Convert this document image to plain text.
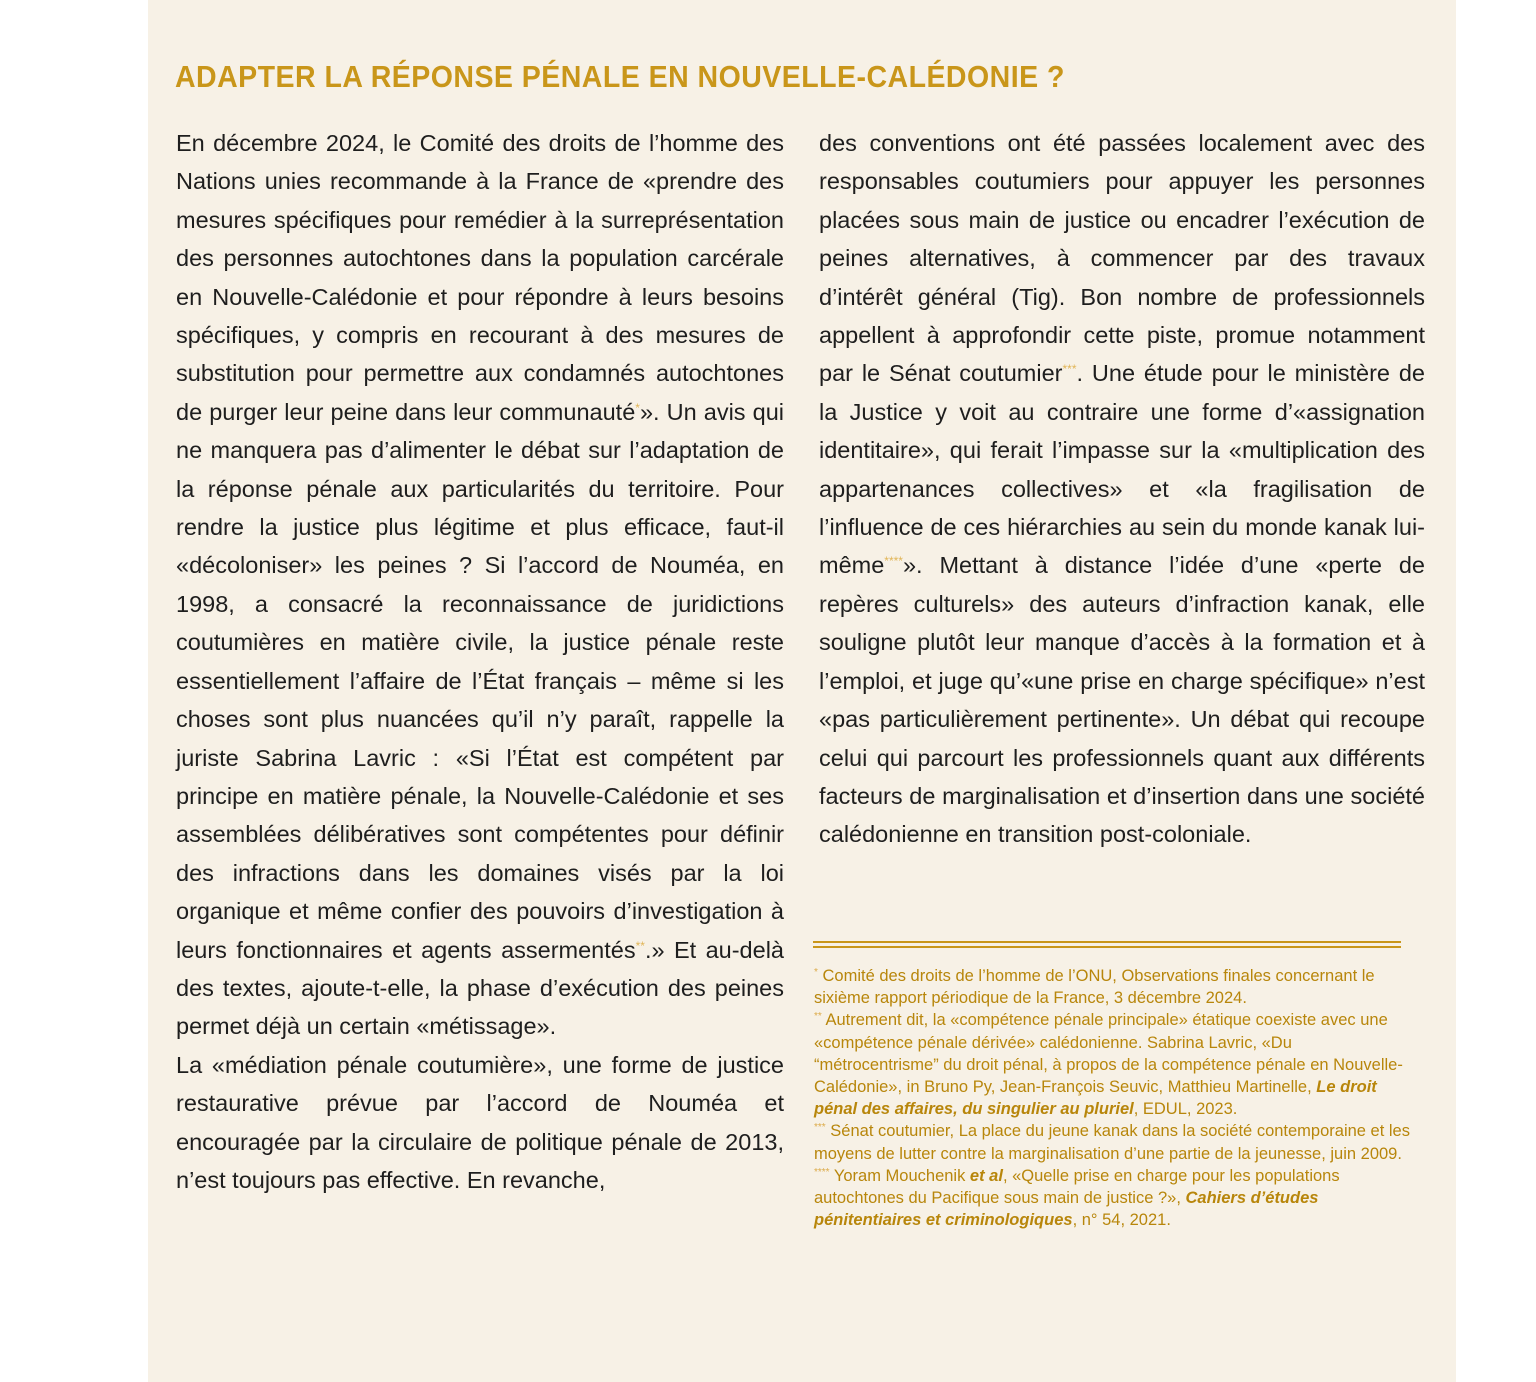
ADAPTER LA RÉPONSE PÉNALE EN NOUVELLE-CALÉDONIE ?

En décembre 2024, le Comité des droits de l’homme des Nations unies recommande à la France de «prendre des mesures spécifiques pour remédier à la surreprésentation des personnes autochtones dans la population carcérale en Nouvelle-Calédonie et pour répondre à leurs besoins spécifiques, y compris en recourant à des mesures de substitution pour permettre aux condamnés autochtones de purger leur peine dans leur communauté*». Un avis qui ne manquera pas d’alimenter le débat sur l’adaptation de la réponse pénale aux particularités du territoire. Pour rendre la justice plus légitime et plus efficace, faut-il «décoloniser» les peines ? Si l’accord de Nouméa, en 1998, a consacré la reconnaissance de juridictions coutumières en matière civile, la justice pénale reste essentiellement l’affaire de l’État français – même si les choses sont plus nuancées qu’il n’y paraît, rappelle la juriste Sabrina Lavric : «Si l’État est compétent par principe en matière pénale, la Nouvelle-Calédonie et ses assemblées délibératives sont compétentes pour définir des infractions dans les domaines visés par la loi organique et même confier des pouvoirs d’investigation à leurs fonctionnaires et agents assermentés**.» Et au-delà des textes, ajoute-t-elle, la phase d’exécution des peines permet déjà un certain «métissage».

La «médiation pénale coutumière», une forme de justice restaurative prévue par l’accord de Nouméa et encouragée par la circulaire de politique pénale de 2013, n’est toujours pas effective. En revanche,

des conventions ont été passées localement avec des responsables coutumiers pour appuyer les personnes placées sous main de justice ou encadrer l’exécution de peines alternatives, à commencer par des travaux d’intérêt général (Tig). Bon nombre de professionnels appellent à approfondir cette piste, promue notamment par le Sénat coutumier***. Une étude pour le ministère de la Justice y voit au contraire une forme d’«assignation identitaire», qui ferait l’impasse sur la «multiplication des appartenances collectives» et «la fragilisation de l’influence de ces hiérarchies au sein du monde kanak lui-même****». Mettant à distance l’idée d’une «perte de repères culturels» des auteurs d’infraction kanak, elle souligne plutôt leur manque d’accès à la formation et à l’emploi, et juge qu’«une prise en charge spécifique» n’est «pas particulièrement pertinente». Un débat qui recoupe celui qui parcourt les professionnels quant aux différents facteurs de marginalisation et d’insertion dans une société calédonienne en transition post-coloniale.

* Comité des droits de l’homme de l’ONU, Observations finales concernant le sixième rapport périodique de la France, 3 décembre 2024.

** Autrement dit, la «compétence pénale principale» étatique coexiste avec une «compétence pénale dérivée» calédonienne. Sabrina Lavric, «Du “métrocentrisme” du droit pénal, à propos de la compétence pénale en Nouvelle-Calédonie», in Bruno Py, Jean-François Seuvic, Matthieu Martinelle, Le droit pénal des affaires, du singulier au pluriel, EDUL, 2023.

*** Sénat coutumier, La place du jeune kanak dans la société contemporaine et les moyens de lutter contre la marginalisation d’une partie de la jeunesse, juin 2009.

**** Yoram Mouchenik et al, «Quelle prise en charge pour les populations autochtones du Pacifique sous main de justice ?», Cahiers d’études pénitentiaires et criminologiques, n° 54, 2021.
